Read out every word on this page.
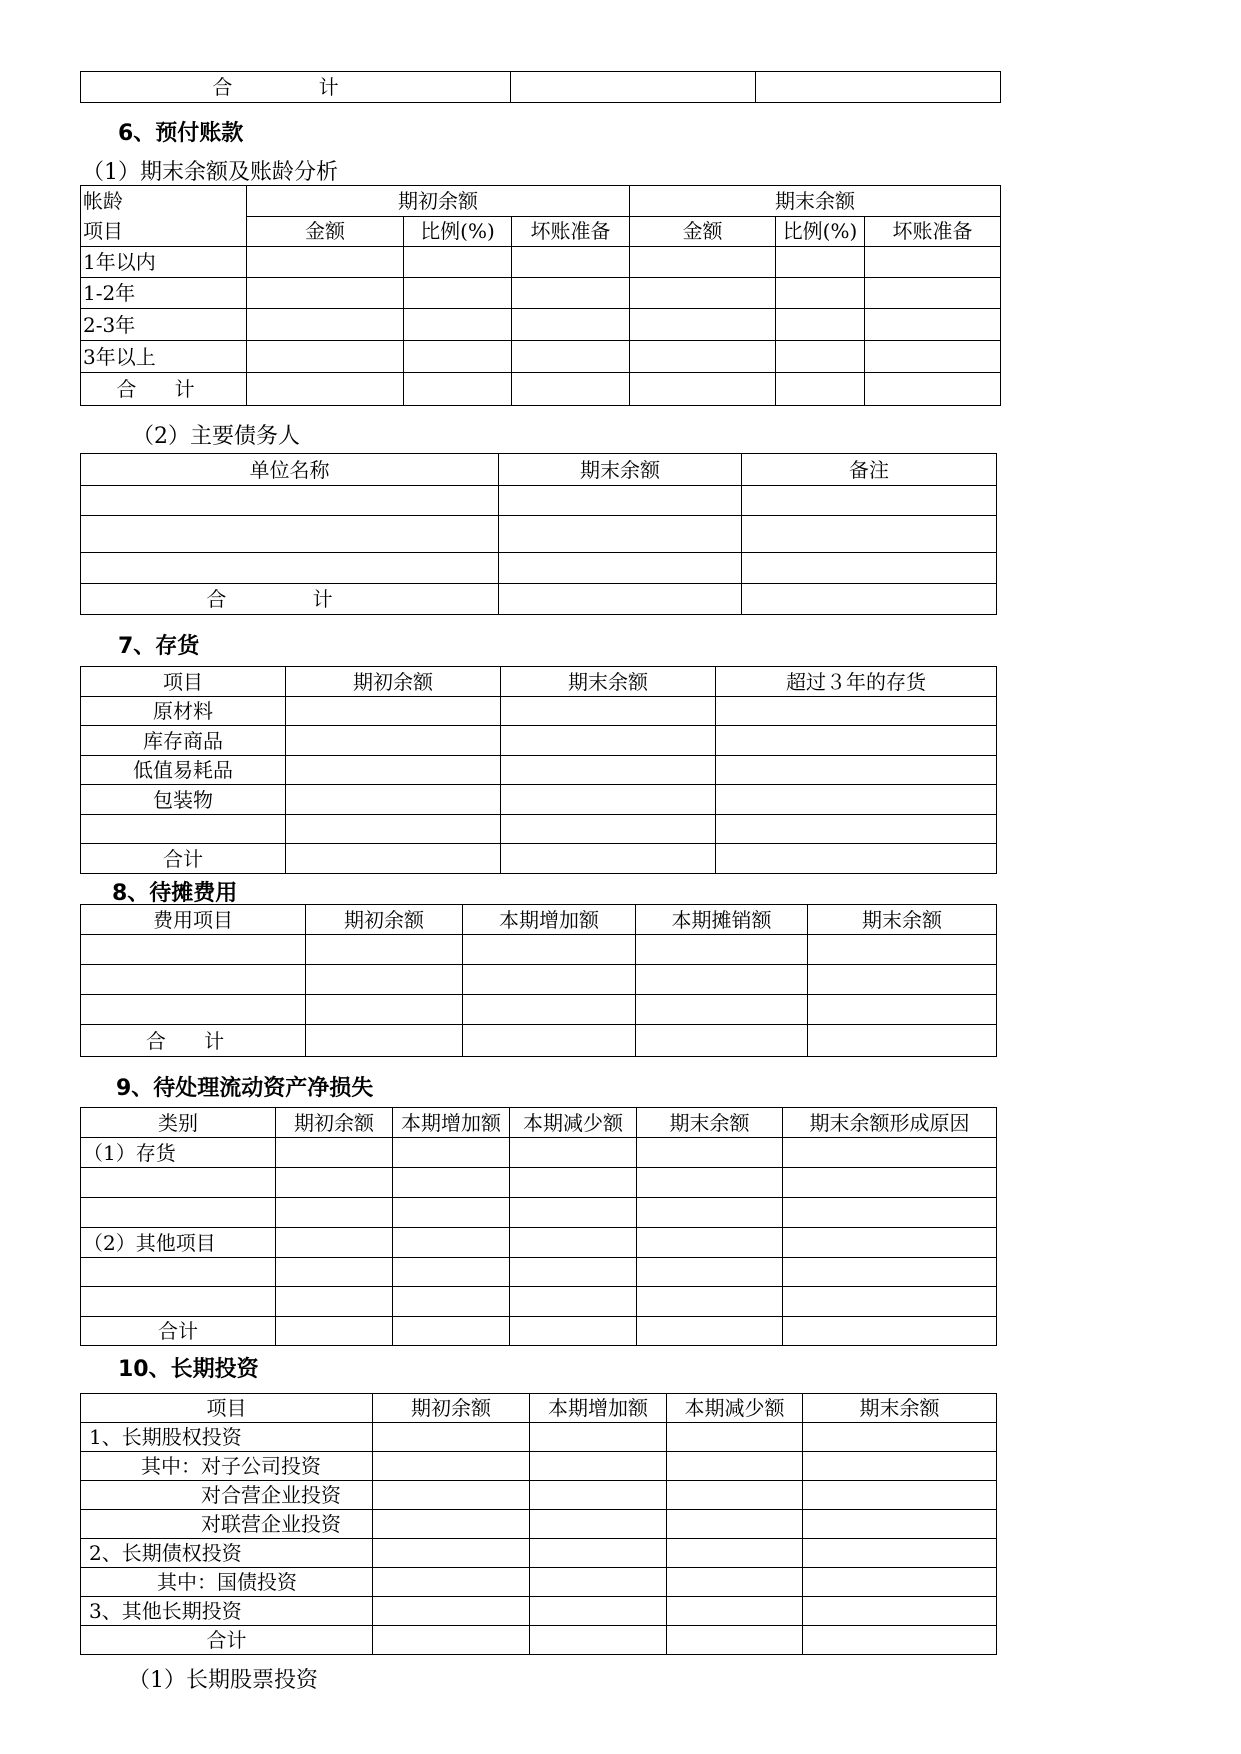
合 计		
6、预付账款
（1）期末余额及账龄分析
帐龄
项目	期初余额			期末余额		
	金额	比例(%)	坏账准备	金额	比例(%)	坏账准备
1年以内						
1-2年						
2-3年						
3年以上						
合 计						
（2）主要债务人
单位名称	期末余额	备注

合 计		
7、存货
项目	期初余额	期末余额	超过３年的存货
原材料			
库存商品			
低值易耗品			
包装物			

合计			
8、待摊费用
费用项目	期初余额	本期增加额	本期摊销额	期末余额

合 计				
9、待处理流动资产净损失
类别	期初余额	本期增加额	本期减少额	期末余额	期末余额形成原因
（1）存货					

（2）其他项目					

合计					
10、长期投资
项目	期初余额	本期增加额	本期减少额	期末余额
1、长期股权投资				
其中：对子公司投资				
对合营企业投资				
对联营企业投资				
2、长期债权投资				
其中：国债投资				
3、其他长期投资				
合计				
（1）长期股票投资
